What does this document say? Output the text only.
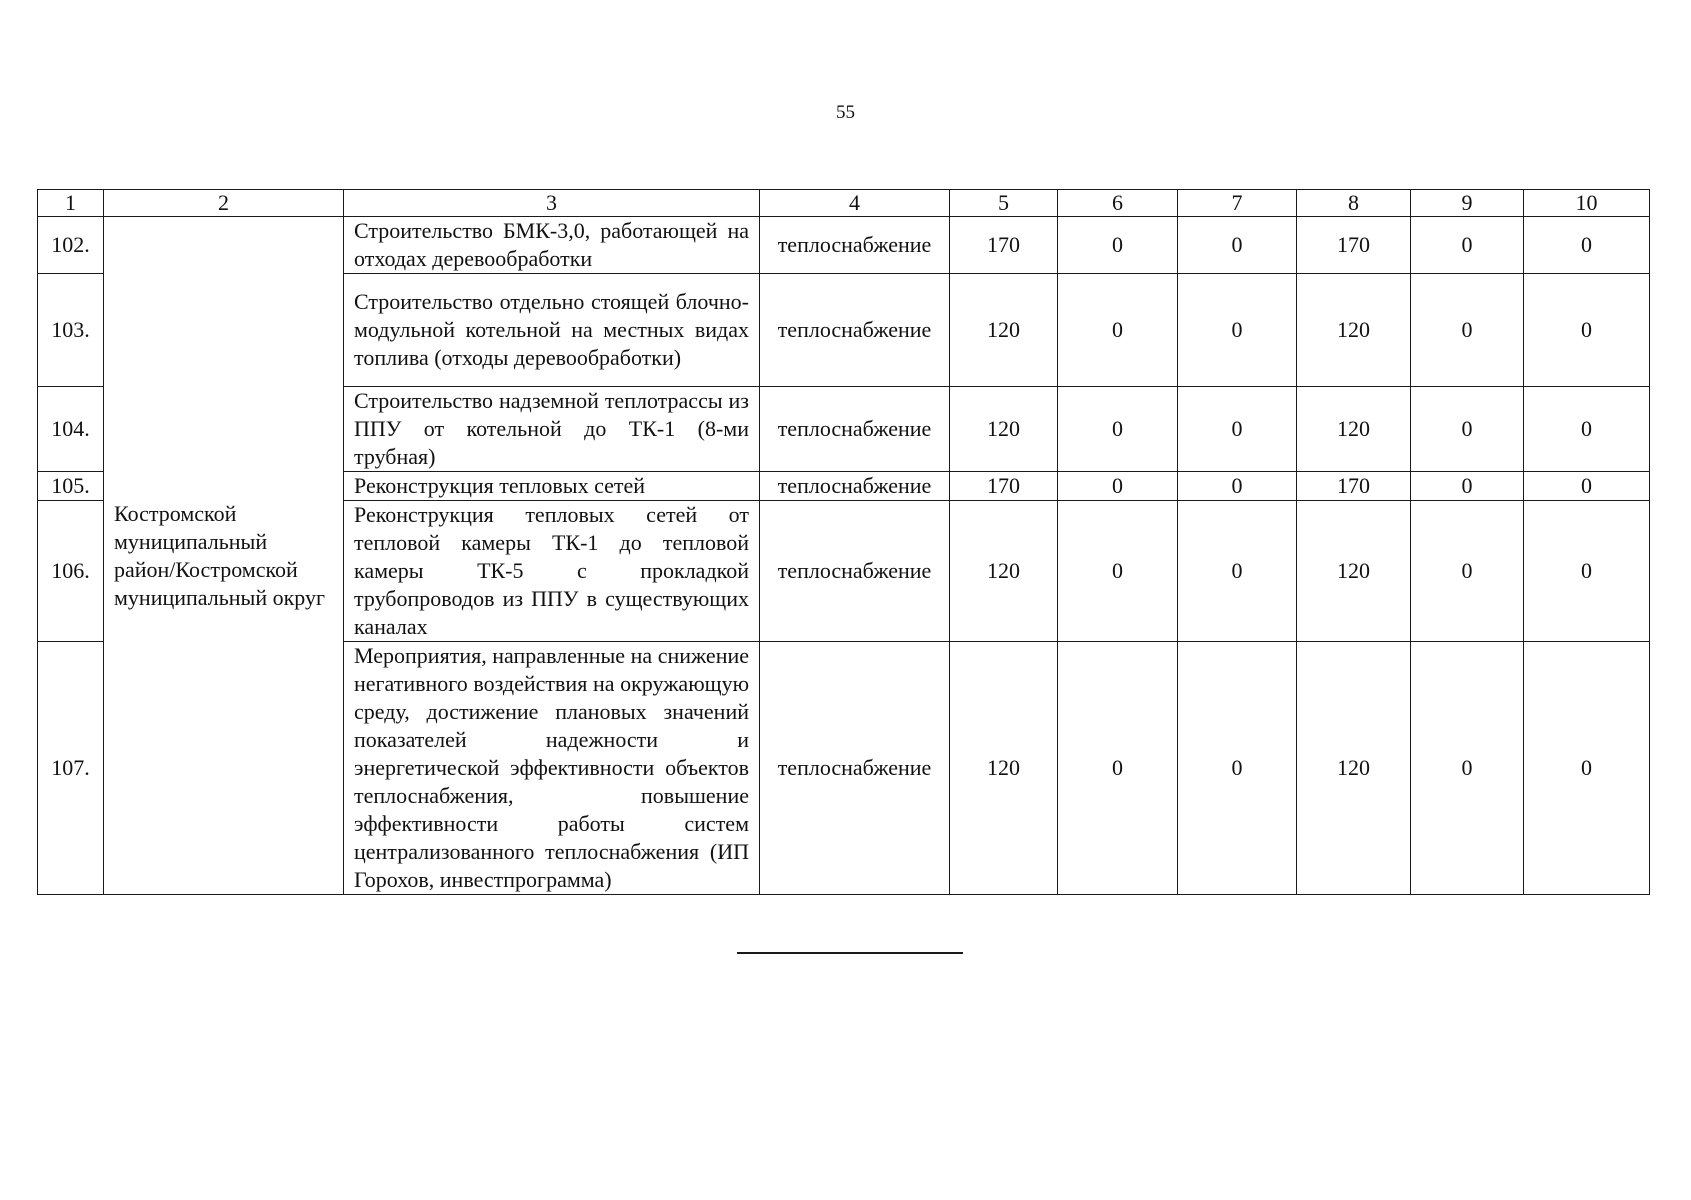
55
1	2	3	4	5	6	7	8	9	10
102.	Костромской муниципальный район/Костромской муниципальный округ	Строительство БМК-3,0, работающей на отходах деревообработки	теплоснабжение	170	0	0	170	0	0
103.		Строительство отдельно стоящей блочно-модульной котельной на местных видах топлива (отходы деревообработки)	теплоснабжение	120	0	0	120	0	0
104.		Строительство надземной теплотрассы из ППУ от котельной до ТК-1 (8-ми трубная)	теплоснабжение	120	0	0	120	0	0
105.		Реконструкция тепловых сетей	теплоснабжение	170	0	0	170	0	0
106.		Реконструкция тепловых сетей от тепловой камеры ТК-1 до тепловой камеры ТК-5 с прокладкой трубопроводов из ППУ в существующих каналах	теплоснабжение	120	0	0	120	0	0
107.		Мероприятия, направленные на снижение негативного воздействия на окружающую среду, достижение плановых значений показателей надежности и энергетической эффективности объектов теплоснабжения, повышение эффективности работы систем централизованного теплоснабжения (ИП Горохов, инвестпрограмма)	теплоснабжение	120	0	0	120	0	0
